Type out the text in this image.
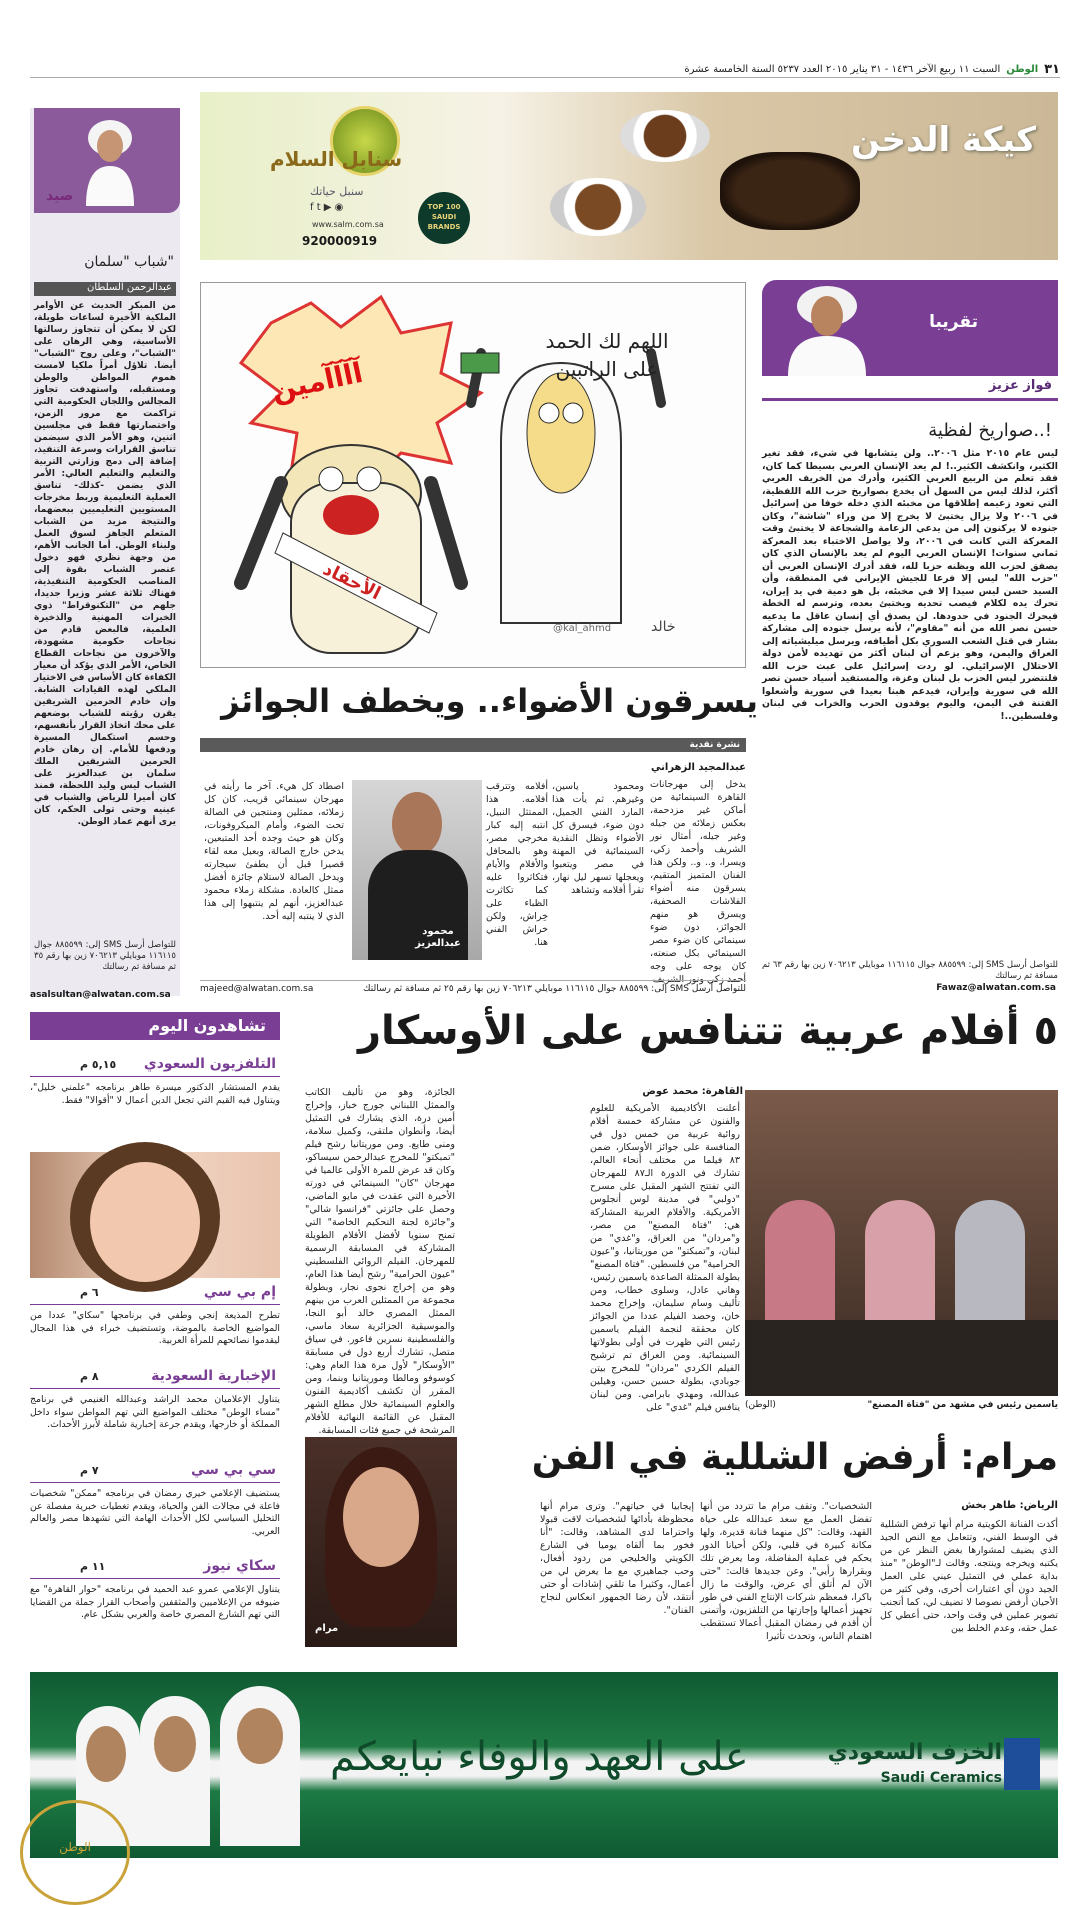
٣١
الوطن
السبت ١١ ربيع الآخر ١٤٣٦ - ٣١ يناير ٢٠١٥ العدد ٥٢٣٧ السنة الخامسة عشرة
كيكة الدخن
سنابل السلام
سنبل حياتك
f t ▶ ◉
www.salm.com.sa
920000919
TOP 100 SAUDI BRANDS
صيد
شباب "سلمان"
عبدالرحمن السلطان
من المبكر الحديث عن الأوامر الملكية الأخيرة لساعات طويلة، لكن لا يمكن أن تتجاوز رسالتها الأساسية، وهي الرهان على "الشباب"، وعلى روح "الشباب" أيضا. تلاؤل أمراً ملكيا لامست هموم المواطن والوطن ومستقبله، واستهدفت تجاوز المجالس واللجان الحكومية التي تراكمت مع مرور الزمن، واختصارتها فقط في مجلسين اثنين، وهو الأمر الذي سيضمن تناسق القرارات وسرعة التنفيذ، إضافة إلى دمج وزارتي التربية والتعليم والتعليم العالي: الأمر الذي يضمن -كذلك- تناسق العملية التعليمية وربط مخرجات المستويين التعليميين ببعضهما، والنتيجة مزيد من الشباب المتعلم الجاهز لسوق العمل ولبناء الوطن. أما الجانب الأهم، من وجهة نظري فهو دخول عنصر الشباب بقوة إلى المناصب الحكومية التنفيذية، فهناك ثلاثة عشر وزيرا جديدا، جلهم من "التكنوقراط" ذوي الخبرات المهنية والذخيرة العلمية، فالبعض قادم من نجاحات حكومية مشهودة، والآخرون من نجاحات القطاع الخاص، الأمر الذي يؤكد أن معيار الكفاءة كان الأساس في الاختيار الملكي لهذه القيادات الشابة. وإن خادم الحرمين الشريفين يقرن رؤيته للشباب بوضعهم على محك اتخاذ القرار بأنفسهم، وحسم استكمال المسيرة ودفعها للأمام. إن رهان خادم الحرمين الشريفين الملك سلمان بن عبدالعزيز على الشباب ليس وليد اللحظة، فمنذ كان أميرا للرياض والشباب في عينيه وحتى تولى الحكم، كان يرى أنهم عماد الوطن.
للتواصل أرسل SMS إلى: ٨٨٥٥٩٩ جوال ١١٦١١٥ موبايلي ٧٠٦٢١٣ زين بها رقم ٣٥ ثم مسافة ثم رسالتك
asalsultan@alwatan.com.sa
تقريبا
فواز عزيز
صواريخ لفظية..!
ليس عام ٢٠١٥ مثل ٢٠٠٦.. ولن يتشابها في شيء، فقد تغير الكثير، وانكشف الكثير..! لم يعد الإنسان العربي بسيطا كما كان، فقد تعلم من الربيع العربي الكثير، وأدرك من الخريف العربي أكثر، لذلك ليس من السهل أن يخدع بصواريخ حزب الله اللفظية، التي تعود زعيمه إطلاقها من مخبئه الذي دخله خوفا من إسرائيل في ٢٠٠٦ ولا يزال يختبئ لا يخرج إلا من وراء "شاشة"، وكان جنوده لا يركنون إلى من يدعي الزعامة والشجاعة لا يختبئ وقت المعركة التي كانت في ٢٠٠٦، ولا يواصل الاختباء بعد المعركة ثماني سنوات! الإنسان العربي اليوم لم يعد بالإنسان الذي كان يصفق لحزب الله ويظنه حزبا لله، فقد أدرك الإنسان العربي أن "حزب الله" ليس إلا فرعا للجيش الإيراني في المنطقة، وأن السيد حسن ليس سيدا إلا في مخبئه، بل هو دمية في يد إيران، تحرك يده لكلام فيصب تحديه ويختبئ بعده، وترسم له الخطة فيحرك الجنود في حدودها. لن يصدق أي إنسان عاقل ما يدعيه حسن نصر الله من أنه "مقاوم"، لأنه يرسل جنوده إلى مشاركة بشار في قتل الشعب السوري بكل أطيافه، ويرسل ميليشياته إلى العراق واليمن، وهو يزعم أن لبنان أكثر من تهديده لأمن دولة الاحتلال الإسرائيلي. لو ردت إسرائيل على عبث حزب الله فلتتضرر ليس الحزب بل لبنان وغزة، والمستفيد أسياد حسن نصر الله في سورية وإيران، فيدعم هبنا بعيدا في سورية وأشعلوا الفتنة في اليمن، واليوم يوقدون الحرب والخراب في لبنان وفلسطين..!
للتواصل أرسل SMS إلى: ٨٨٥٥٩٩ جوال ١١٦١١٥ موبايلي ٧٠٦٢١٣ زين بها رقم ٦٣ ثم مسافة ثم رسالتك
Fawaz@alwatan.com.sa
آآآآمين
الأحقاد
اللهم لك الحمد على الراتبين
@kal_ahmd	خالد
يسرقون الأضواء.. ويخطف الجوائز
نشرة نقدية
عبدالمجيد الزهراني
يدخل إلى مهرجانات القاهرة السينمائية من أماكن غير مزدحمة، بعكس زملائه من جيله وغير جيله، أمثال نور الشريف وأحمد زكي، ويسرا، و.. و.. ولكن هذا الفنان المتميز المتقيم، يسرقون منه أضواء الفلاشات الصحفية، ويسرق هو منهم الجوائز، دون ضوء سينمائي كان ضوء مصر السينمائي بكل صنعته، كان يوجه على وجه أحمد زكي ونور الشريف
ومحمود ياسين، وغيرهم. ثم يأت هذا المارد الفني الجميل، دون ضوء، فيسرق كل الأضواء وتظل النقدية السينمائية في المهنة في مصر ويتعبوا ويعجلها تسهر ليل نهار، تقرأ أفلامه وتشاهد
محمود عبدالعزيز
أفلامه وتترقب أفلامه. هذا الممتثل النبيل، انتبه إليه كبار مخرجي مصر، وهو بالمحافل والأفلام والأيام فتكاثروا عليه كما تكاثرت الظباء على خِراش، ولكن خراش الفني هنا.
اصطاد كل هيء. آخر ما رأيته في مهرجان سينمائي قريب، كان كل زملائه، ممثلين ومنتجين في الصالة تحت الضوء، وأمام الميكروفونات، وكان هو حيث وجده أحد المتبعين، يدخن خارج الصالة، وبعيل معه لقاء قصيرا قبل أن يطفئ سيجارته ويدخل الصالة لاستلام جائزة أفضل ممثل كالعادة. مشكلة زملاء محمود عبدالعزيز، أنهم لم ينتبهوا إلى هذا الذي لا ينتبه إليه أحد.
للتواصل أرسل SMS إلى: ٨٨٥٥٩٩ جوال ١١٦١١٥ موبايلي ٧٠٦٢١٣ زين بها رقم ٢٥ ثم مسافة ثم رسالتك
majeed@alwatan.com.sa
٥ أفلام عربية تتنافس على الأوسكار
ياسمين رئيس في مشهد من "فتاة المصنع"
(الوطن)
القاهرة: محمد عوض
أعلنت الأكاديمية الأمريكية للعلوم والفنون عن مشاركة خمسة أفلام روائية عربية من خمس دول في المنافسة على جوائز الأوسكار، ضمن ٨٣ فيلما من مختلف أنحاء العالم، تشارك في الدورة الـ٨٧ للمهرجان التي تفتتح الشهر المقبل على مسرح "دولبي" في مدينة لوس أنجلوس الأمريكية. والأفلام العربية المشاركة هي: "فتاة المصنع" من مصر، و"مردان" من العراق، و"غدي" من لبنان، و"تمبكتو" من موريتانيا، و"عيون الحرامية" من فلسطين. "فتاة المصنع" بطولة الممثلة الصاعدة ياسمين رئيس، وهاني عادل، وسلوى خطاب، ومن تأليف وسام سليمان، وإخراج محمد خان، وحصد الفيلم عددا من الجوائز كان محققة لنجمة الفيلم ياسمين رئيس التي ظهرت في أولى بطولاتها السينمائية. ومن العراق تم ترشيح الفيلم الكردي "مردان" للمخرج بيتن جوبادي، بطولة حسين حسن، وهيلين عبدالله، ومهدي بابرامي. ومن لبنان ينافس فيلم "غدي" على
الجائزة، وهو من تأليف الكاتب والممثل اللبناني جورج خباز، وإخراج أمين درة، الذي يشارك في التمثيل أيضا، وأنطوان ملتقى، وكميل سلامة، ومنى طايع. ومن موريتانيا رشح فيلم "تمبكتو" للمخرج عبدالرحمن سيساكو، وكان قد عرض للمرة الأولى عالميا في مهرجان "كان" السينمائي في دورته الأخيرة التي عقدت في مايو الماضي، وحصل على جائزتي "فرانسوا شالي" و"جائزة لجنة التحكيم الخاصة" التي تمنح سنويا لأفضل الأفلام الطويلة المشاركة في المسابقة الرسمية للمهرجان. الفيلم الروائي الفلسطيني "عيون الحرامية" رشح أيضا هذا العام، وهو من إخراج نجوى نجار، وبطولة مجموعة من الممثلين العرب من بينهم الممثل المصري خالد أبو النجا، والموسيقية الجزائرية سعاد ماسي، والفلسطينية نسرين فاعور. في سياق متصل، تشارك أربع دول في مسابقة "الأوسكار" لأول مرة هذا العام وهي: كوسوفو ومالطا وموريتانيا وبنما، ومن المقرر أن تكشف أكاديمية الفنون والعلوم السينمائية خلال مطلع الشهر المقبل عن القائمة النهائية للأفلام المرشحة في جميع فئات المسابقة.
مرام: أرفض الشللية في الفن
الرياض: طاهر بخش
أكدت الفنانة الكويتية مرام أنها ترفض الشللية في الوسط الفني، وتتعامل مع النص الجيد الذي يضيف لمشوارها بغض النظر عن من يكتبه ويخرجه وينتجه. وقالت لـ"الوطن" "منذ بداية عملي في التمثيل عيني على العمل الجيد دون أي اعتبارات أخرى، وفي كثير من الأحيان أرفض نصوصا لا تضيف لي، كما أتجنب تصوير عملين في وقت واحد، حتى أعطي كل عمل حقه، وعدم الخلط بين
الشخصيات". وتقف مرام ما تتردد من أنها تفضل العمل مع سعد عبدالله على حياة القهد، وقالت: "كل منهما فنانة قديرة، ولها مكانة كبيرة في قلبي، ولكن أحيانا الدور يحكم في عملية المفاضلة، وما يعرض تلك وبقرارها رأيي". وعن جديدها قالت: "حتى الآن لم أتلق أي عرض، والوقت ما زال باكرا، فمعظم شركات الإنتاج الفني في طور تجهيز أعمالها وإجازتها من التلفزيون، وأتمنى أن أقدم في رمضان المقبل أعمالا تستقطب اهتمام الناس، وتحدث تأثيرا
إيجابيا في حياتهم". وترى مرام أنها محظوظة بأدائها لشخصيات لاقت قبولا واحتراما لدى المشاهد، وقالت: "أنا فخور بما ألقاه يوميا في الشارع الكويتي والخليجي من ردود أفعال، وحب جماهيري مع ما يعرض لي من أعمال، وكثيرا ما تلقي إشادات أو حتى أنتقد، لأن رضا الجمهور انعكاس لنجاح الفنان".
مرام
تشاهدون اليوم
التلفزيون السعودي
٥,١٥ م
يقدم المستشار الدكتور ميسرة طاهر برنامجه "علمني خليل"، ويتناول فيه القيم التي تجعل الدين أعمال لا "أقوالا" فقط.
إم بي سي
٦ م
تطرح المذيعة إنجي وطفي في برنامجها "سكاي" عددا من المواضيع الخاصة بالموضة، وتستضيف خبراء في هذا المجال ليقدموا نصائحهم للمرأة العربية.
الإخبارية السعودية
٨ م
يتناول الإعلاميان محمد الراشد وعبدالله الغنيمي في برنامج "مساء الوطن" مختلف المواضيع التي تهم المواطن سواء داخل المملكة أو خارجها، ويقدم جرعة إخبارية شاملة لأبرز الأحداث.
سي بي سي
٧ م
يستضيف الإعلامي خيري رمضان في برنامجه "ممكن" شخصيات فاعلة في مجالات الفن والحياة، ويقدم تغطيات خبرية مفصلة عن التحليل السياسي لكل الأحداث الهامة التي تشهدها مصر والعالم العربي.
سكاي نيوز
١١ م
يتناول الإعلامي عمرو عبد الحميد في برنامجه "حوار القاهرة" مع ضيوفه من الإعلاميين والمثقفين وأصحاب القرار جملة من القضايا التي تهم الشارع المصري خاصة والعربي بشكل عام.
على العهد والوفاء نبايعكم	الخزف السعودي
Saudi Ceramics
الوطن
